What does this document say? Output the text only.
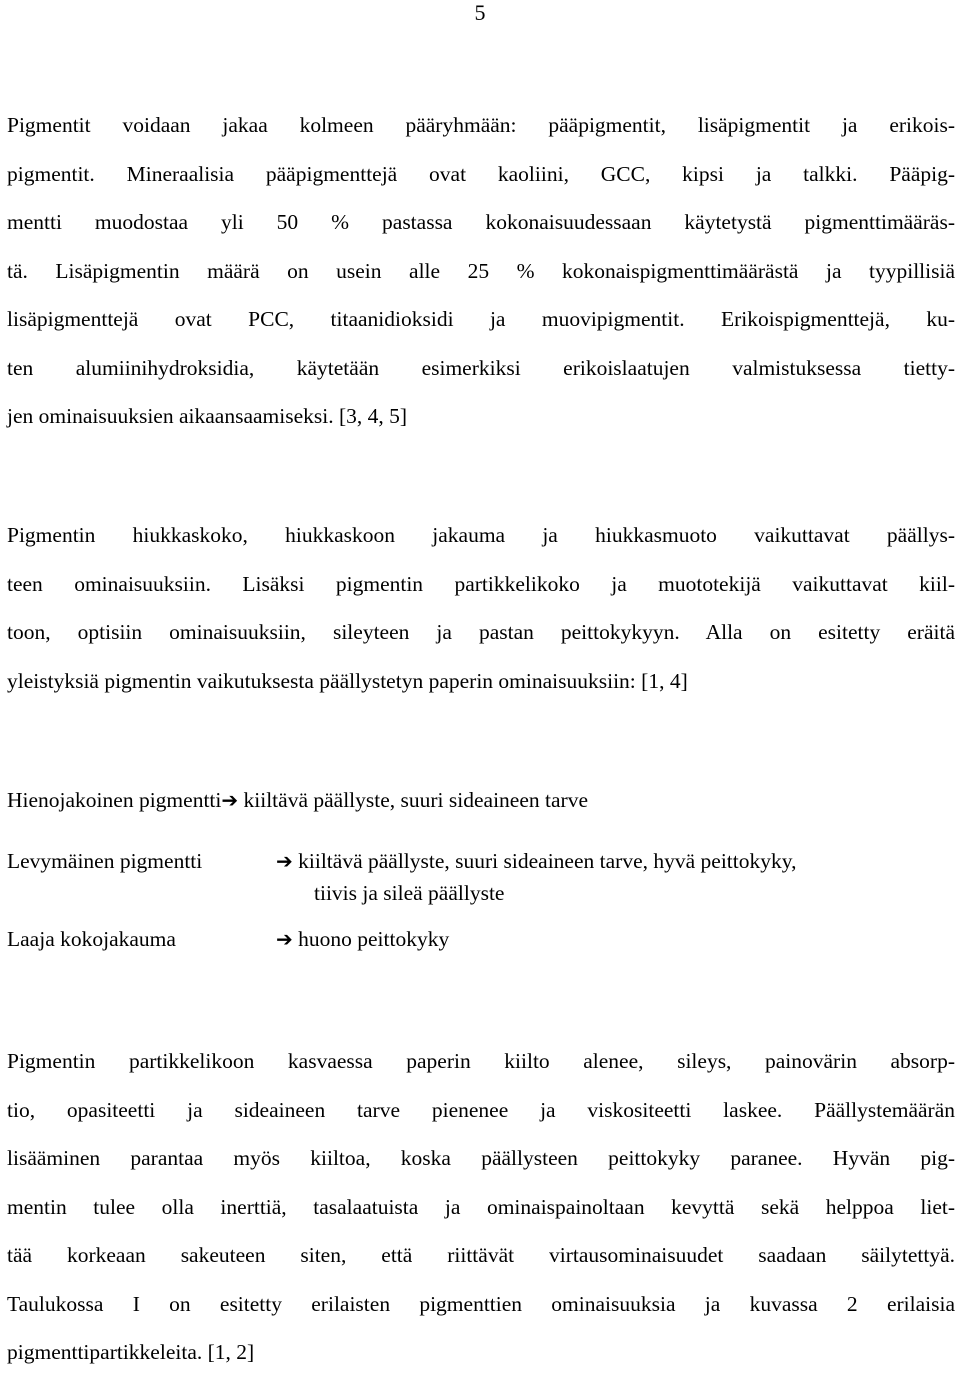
5
Pigmentit voidaan jakaa kolmeen pääryhmään: pääpigmentit, lisäpigmentit ja erikois-
pigmentit. Mineraalisia pääpigmenttejä ovat kaoliini, GCC, kipsi ja talkki. Pääpig-
mentti muodostaa yli 50 % pastassa kokonaisuudessaan käytetystä pigmenttimääräs-
tä. Lisäpigmentin määrä on usein alle 25 % kokonaispigmenttimäärästä ja tyypillisiä
lisäpigmenttejä ovat PCC, titaanidioksidi ja muovipigmentit. Erikoispigmenttejä, ku-
ten alumiinihydroksidia, käytetään esimerkiksi erikoislaatujen valmistuksessa tietty-
jen ominaisuuksien aikaansaamiseksi. [3, 4, 5]
Pigmentin hiukkaskoko, hiukkaskoon jakauma ja hiukkasmuoto vaikuttavat päällys-
teen ominaisuuksiin. Lisäksi pigmentin partikkelikoko ja muototekijä vaikuttavat kiil-
toon, optisiin ominaisuuksiin, sileyteen ja pastan peittokykyyn. Alla on esitetty eräitä
yleistyksiä pigmentin vaikutuksesta päällystetyn paperin ominaisuuksiin: [1, 4]
Hienojakoinen pigmentti➔ kiiltävä päällyste, suuri sideaineen tarve
Levymäinen pigmentti	➔ kiiltävä päällyste, suuri sideaineen tarve, hyvä peittokyky,
tiivis ja sileä päällyste
Laaja kokojakauma	➔ huono peittokyky
Pigmentin partikkelikoon kasvaessa paperin kiilto alenee, sileys, painovärin absorp-
tio, opasiteetti ja sideaineen tarve pienenee ja viskositeetti laskee. Päällystemäärän
lisääminen parantaa myös kiiltoa, koska päällysteen peittokyky paranee. Hyvän pig-
mentin tulee olla inerttiä, tasalaatuista ja ominaispainoltaan kevyttä sekä helppoa liet-
tää korkeaan sakeuteen siten, että riittävät virtausominaisuudet saadaan säilytettyä.
Taulukossa I on esitetty erilaisten pigmenttien ominaisuuksia ja kuvassa 2 erilaisia
pigmenttipartikkeleita. [1, 2]
